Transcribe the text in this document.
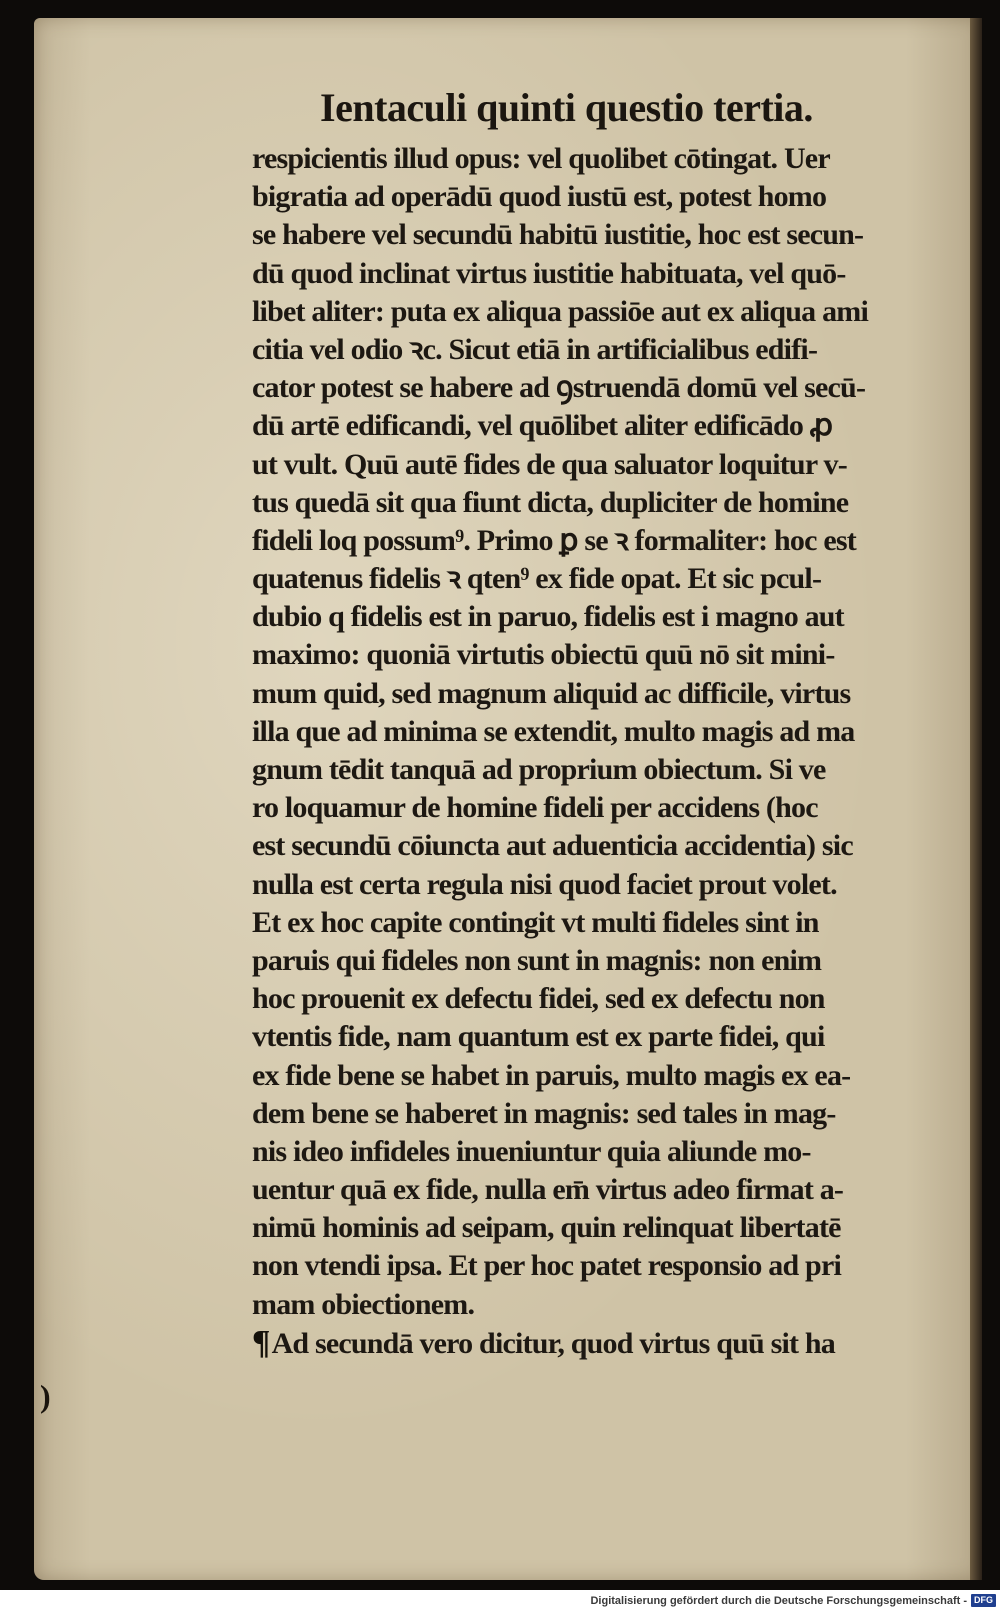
Ientaculi quinti questio tertia.
respicientis illud opus: vel quolibet cōtingat. Uer
bigratia ad operādū quod iustū est, potest homo
se habere vel secundū habitū iustitie, hoc est secun-
dū quod inclinat virtus iustitie habituata, vel quō-
libet aliter: puta ex aliqua passiōe aut ex aliqua ami
citia vel odio ꝛc. Sicut etiā in artificialibus edifi-
cator potest se habere ad ꝯstruendā domū vel secū-
dū artē edificandi, vel quōlibet aliter edificādo ꝓ
ut vult. Quū autē fides de qua saluator loquitur v-
tus quedā sit qua fiunt dicta, dupliciter de homine
fideli loq possum⁹. Primo ꝑ se ꝛ formaliter: hoc est
quatenus fidelis ꝛ qten⁹ ex fide opat. Et sic pcul-
dubio q fidelis est in paruo, fidelis est i magno aut
maximo: quoniā virtutis obiectū quū nō sit mini-
mum quid, sed magnum aliquid ac difficile, virtus
illa que ad minima se extendit, multo magis ad ma
gnum tēdit tanquā ad proprium obiectum. Si ve
ro loquamur de homine fideli per accidens (hoc
est secundū cōiuncta aut aduenticia accidentia) sic
nulla est certa regula nisi quod faciet prout volet.
Et ex hoc capite contingit vt multi fideles sint in
paruis qui fideles non sunt in magnis: non enim
hoc prouenit ex defectu fidei, sed ex defectu non
vtentis fide, nam quantum est ex parte fidei, qui
ex fide bene se habet in paruis, multo magis ex ea-
dem bene se haberet in magnis: sed tales in mag-
nis ideo infideles inueniuntur quia aliunde mo-
uentur quā ex fide, nulla em̄ virtus adeo firmat a-
nimū hominis ad seipam, quin relinquat libertatē
non vtendi ipsa. Et per hoc patet responsio ad pri
mam obiectionem.
¶Ad secundā vero dicitur, quod virtus quū sit ha
)
Digitalisierung gefördert durch die Deutsche Forschungsgemeinschaft - DFG
